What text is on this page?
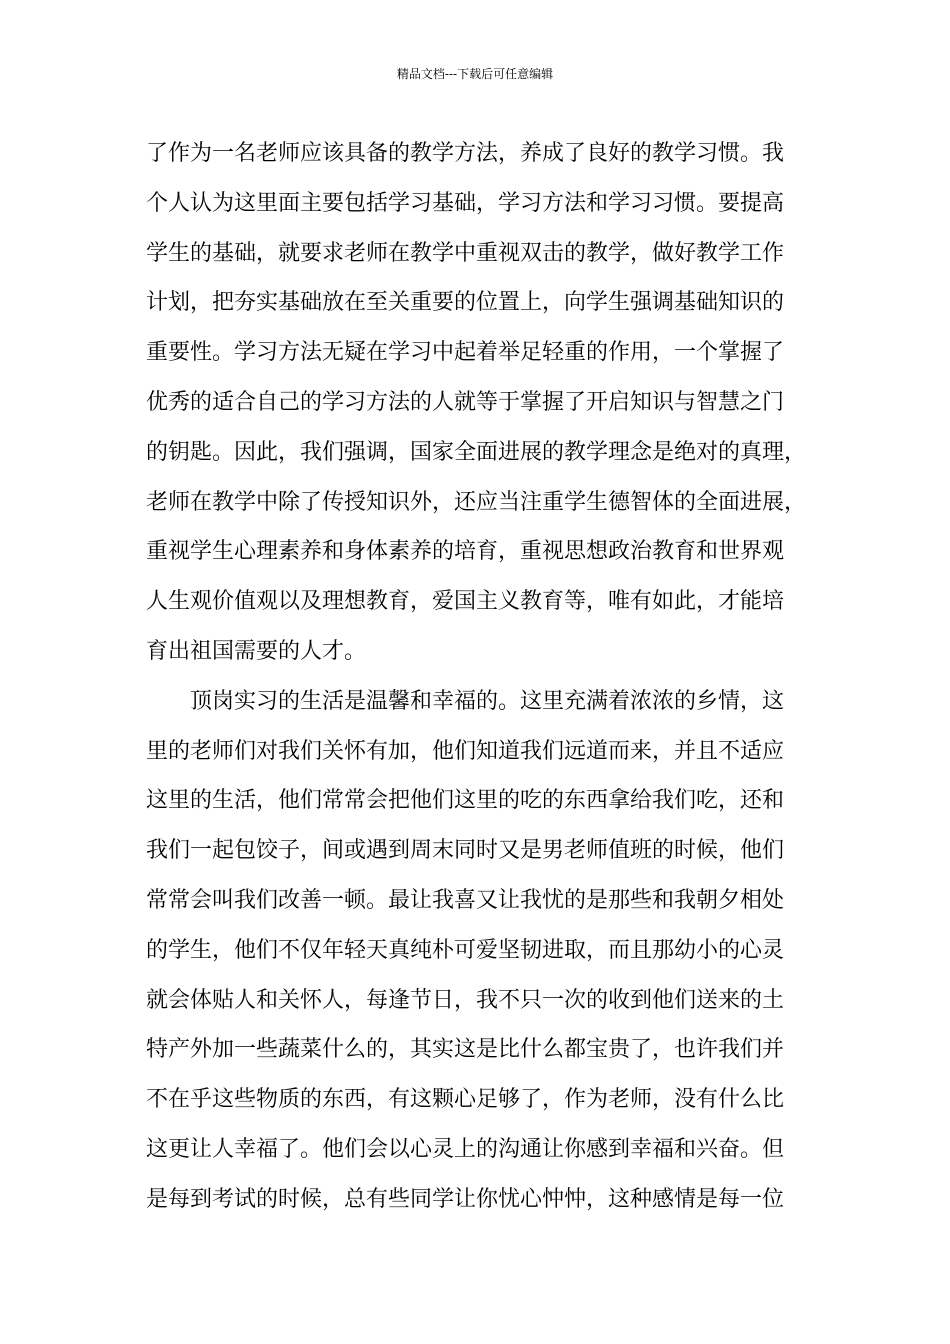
精品文档---下载后可任意编辑
了作为一名老师应该具备的教学方法，养成了良好的教学习惯。我
个人认为这里面主要包括学习基础，学习方法和学习习惯。要提高
学生的基础，就要求老师在教学中重视双击的教学，做好教学工作
计划，把夯实基础放在至关重要的位置上，向学生强调基础知识的
重要性。学习方法无疑在学习中起着举足轻重的作用，一个掌握了
优秀的适合自己的学习方法的人就等于掌握了开启知识与智慧之门
的钥匙。因此，我们强调，国家全面进展的教学理念是绝对的真理，
老师在教学中除了传授知识外，还应当注重学生德智体的全面进展，
重视学生心理素养和身体素养的培育，重视思想政治教育和世界观
人生观价值观以及理想教育，爱国主义教育等，唯有如此，才能培
育出祖国需要的人才。
顶岗实习的生活是温馨和幸福的。这里充满着浓浓的乡情，这
里的老师们对我们关怀有加，他们知道我们远道而来，并且不适应
这里的生活，他们常常会把他们这里的吃的东西拿给我们吃，还和
我们一起包饺子，间或遇到周末同时又是男老师值班的时候，他们
常常会叫我们改善一顿。最让我喜又让我忧的是那些和我朝夕相处
的学生，他们不仅年轻天真纯朴可爱坚韧进取，而且那幼小的心灵
就会体贴人和关怀人，每逢节日，我不只一次的收到他们送来的土
特产外加一些蔬菜什么的，其实这是比什么都宝贵了，也许我们并
不在乎这些物质的东西，有这颗心足够了，作为老师，没有什么比
这更让人幸福了。他们会以心灵上的沟通让你感到幸福和兴奋。但
是每到考试的时候，总有些同学让你忧心忡忡，这种感情是每一位
